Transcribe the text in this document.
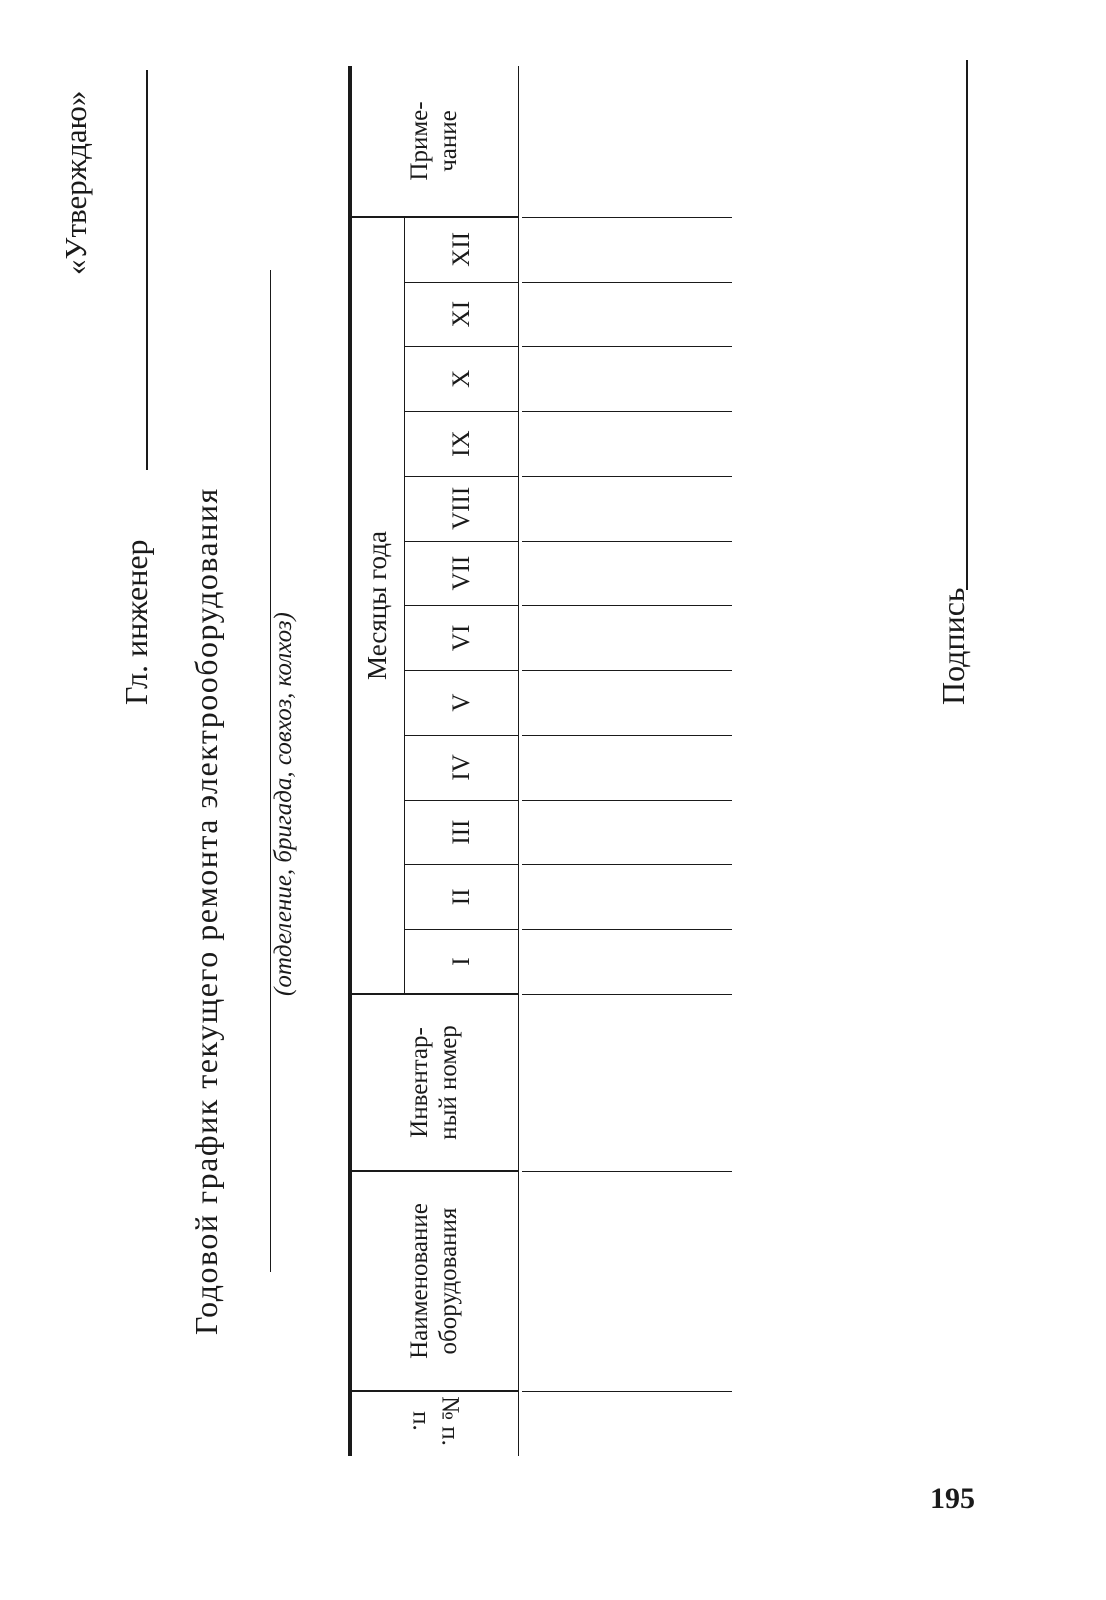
«Утверждаю»
Гл. инженер Годовой график текущего ремонта электрооборудования (отделение, бригада, совхоз, колхоз)
№ п. п.
Наименование оборудования
Инвентар- ный номер
Месяцы года
I
II
III
IV
V
VI
VII
VIII
IX
X
XI
XII
Приме- чание
Подпись
195
